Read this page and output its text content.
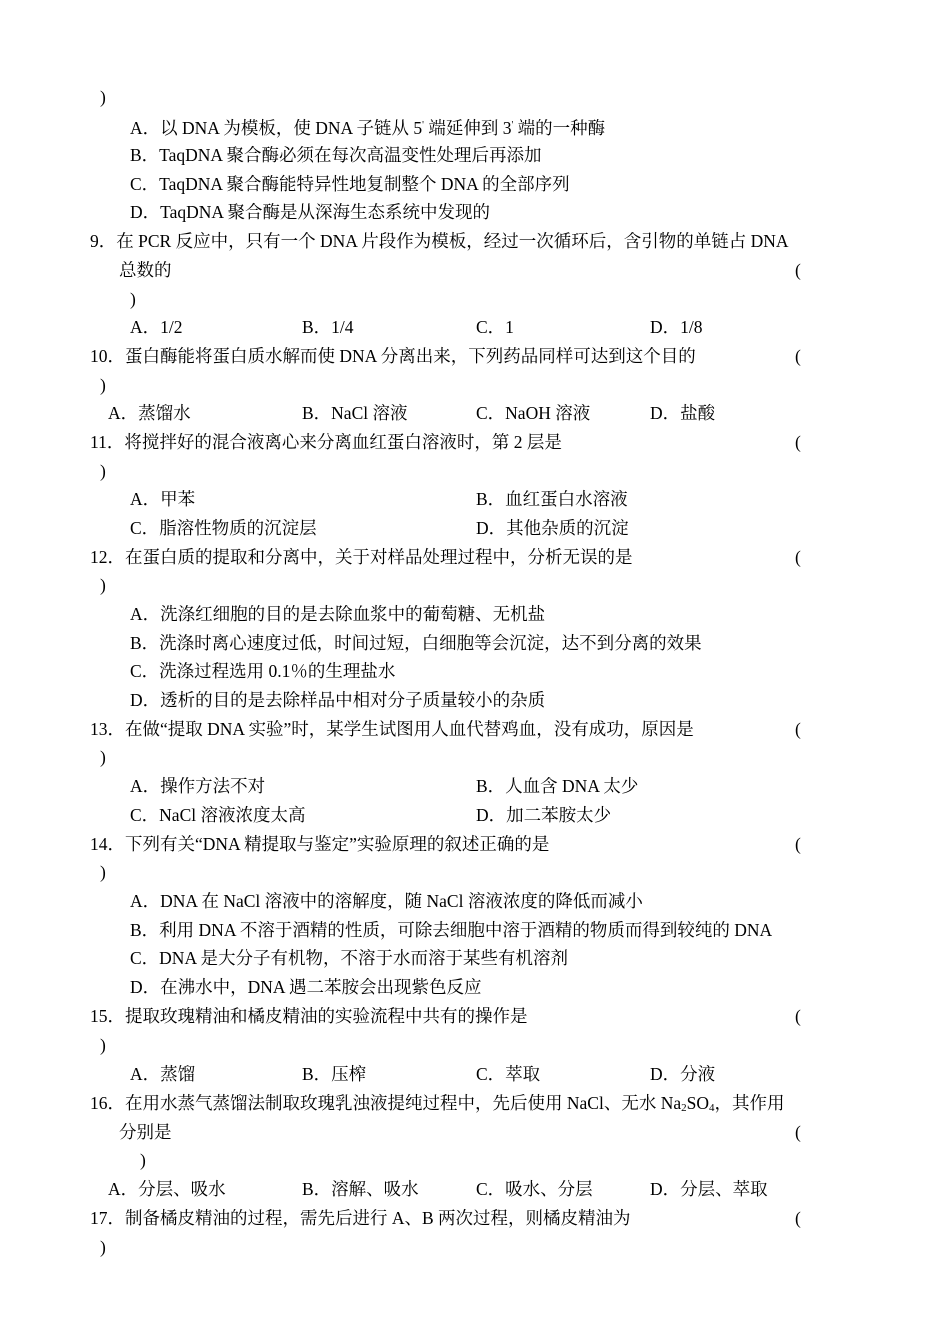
)
A．以 DNA 为模板，使 DNA 子链从 5' 端延伸到 3' 端的一种酶
B．TaqDNA 聚合酶必须在每次高温变性处理后再添加
C．TaqDNA 聚合酶能特异性地复制整个 DNA 的全部序列
D．TaqDNA 聚合酶是从深海生态系统中发现的
9．在 PCR 反应中，只有一个 DNA 片段作为模板，经过一次循环后，含引物的单链占 DNA
总数的	(
)
A．1/2	B．1/4	C．1	D．1/8
10．蛋白酶能将蛋白质水解而使 DNA 分离出来，下列药品同样可达到这个目的	(
)
A．蒸馏水	B．NaCl 溶液	C．NaOH 溶液	D．盐酸
11．将搅拌好的混合液离心来分离血红蛋白溶液时，第 2 层是	(
)
A．甲苯	B．血红蛋白水溶液
C．脂溶性物质的沉淀层	D．其他杂质的沉淀
12．在蛋白质的提取和分离中，关于对样品处理过程中，分析无误的是	(
)
A．洗涤红细胞的目的是去除血浆中的葡萄糖、无机盐
B．洗涤时离心速度过低，时间过短，白细胞等会沉淀，达不到分离的效果
C．洗涤过程选用 0.1％的生理盐水
D．透析的目的是去除样品中相对分子质量较小的杂质
13．在做“提取 DNA 实验”时，某学生试图用人血代替鸡血，没有成功，原因是	(
)
A．操作方法不对	B．人血含 DNA 太少
C．NaCl 溶液浓度太高	D．加二苯胺太少
14．下列有关“DNA 精提取与鉴定”实验原理的叙述正确的是	(
)
A．DNA 在 NaCl 溶液中的溶解度，随 NaCl 溶液浓度的降低而减小
B．利用 DNA 不溶于酒精的性质，可除去细胞中溶于酒精的物质而得到较纯的 DNA
C．DNA 是大分子有机物，不溶于水而溶于某些有机溶剂
D．在沸水中，DNA 遇二苯胺会出现紫色反应
15．提取玫瑰精油和橘皮精油的实验流程中共有的操作是	(
)
A．蒸馏	B．压榨	C．萃取	D．分液
16．在用水蒸气蒸馏法制取玫瑰乳浊液提纯过程中，先后使用 NaCl、无水 Na2SO4，其作用
分别是	(
)
A．分层、吸水	B．溶解、吸水	C．吸水、分层	D．分层、萃取
17．制备橘皮精油的过程，需先后进行 A、B 两次过程，则橘皮精油为	(
)
